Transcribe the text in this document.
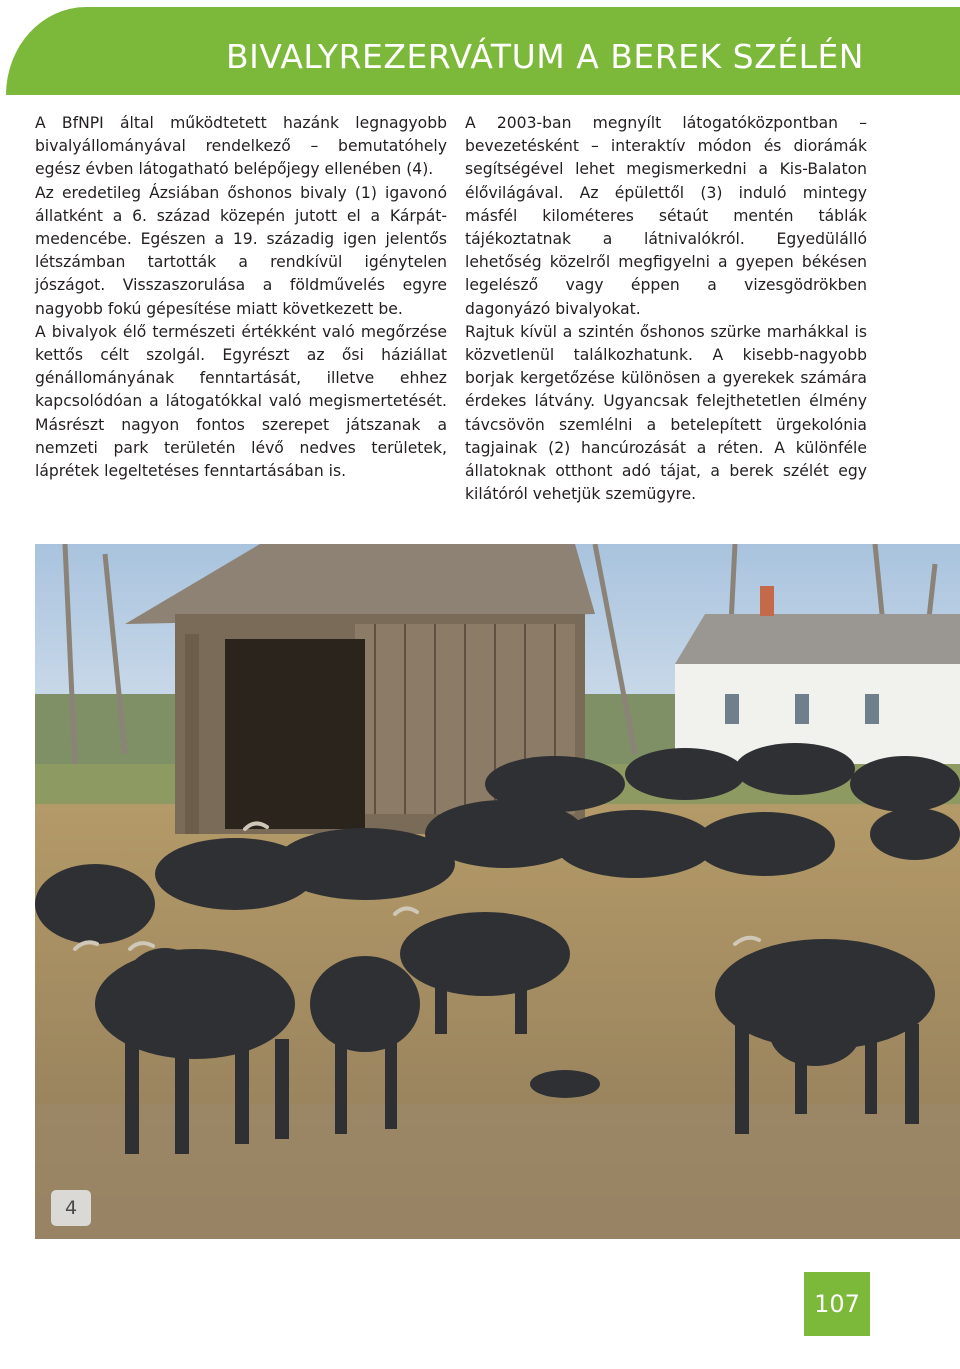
BIVALYREZERVÁTUM A BEREK SZÉLÉN

A BfNPI által működtetett hazánk legnagyobb bivalyállományával rendelkező – bemutatóhely egész évben látogatható belépőjegy ellenében (4).

Az eredetileg Ázsiában őshonos bivaly (1) igavonó állatként a 6. század közepén jutott el a Kárpát-medencébe. Egészen a 19. századig igen jelentős létszámban tartották a rendkívül igénytelen jószágot. Visszaszorulása a földművelés egyre nagyobb fokú gépesítése miatt következett be.

A bivalyok élő természeti értékként való megőrzése kettős célt szolgál. Egyrészt az ősi háziállat génállományának fenntartását, illetve ehhez kapcsolódóan a látogatókkal való megismertetését. Másrészt nagyon fontos szerepet játszanak a nemzeti park területén lévő nedves területek, láprétek legeltetéses fenntartásában is.

A 2003-ban megnyílt látogatóközpontban – bevezetésként – interaktív módon és diorámák segítségével lehet megismerkedni a Kis-Balaton élővilágával. Az épülettől (3) induló mintegy másfél kilométeres sétaút mentén táblák tájékoztatnak a látnivalókról. Egyedülálló lehetőség közelről megfigyelni a gyepen békésen legelésző vagy éppen a vizesgödrökben dagonyázó bivalyokat.

Rajtuk kívül a szintén őshonos szürke marhákkal is közvetlenül találkozhatunk. A kisebb-nagyobb borjak kergetőzése különösen a gyerekek számára érdekes látvány. Ugyancsak felejthetetlen élmény távcsövön szemlélni a betelepített ürgekolónia tagjainak (2) hancúrozását a réten. A különféle állatoknak otthont adó tájat, a berek szélét egy kilátóról vehetjük szemügyre.

4
107
